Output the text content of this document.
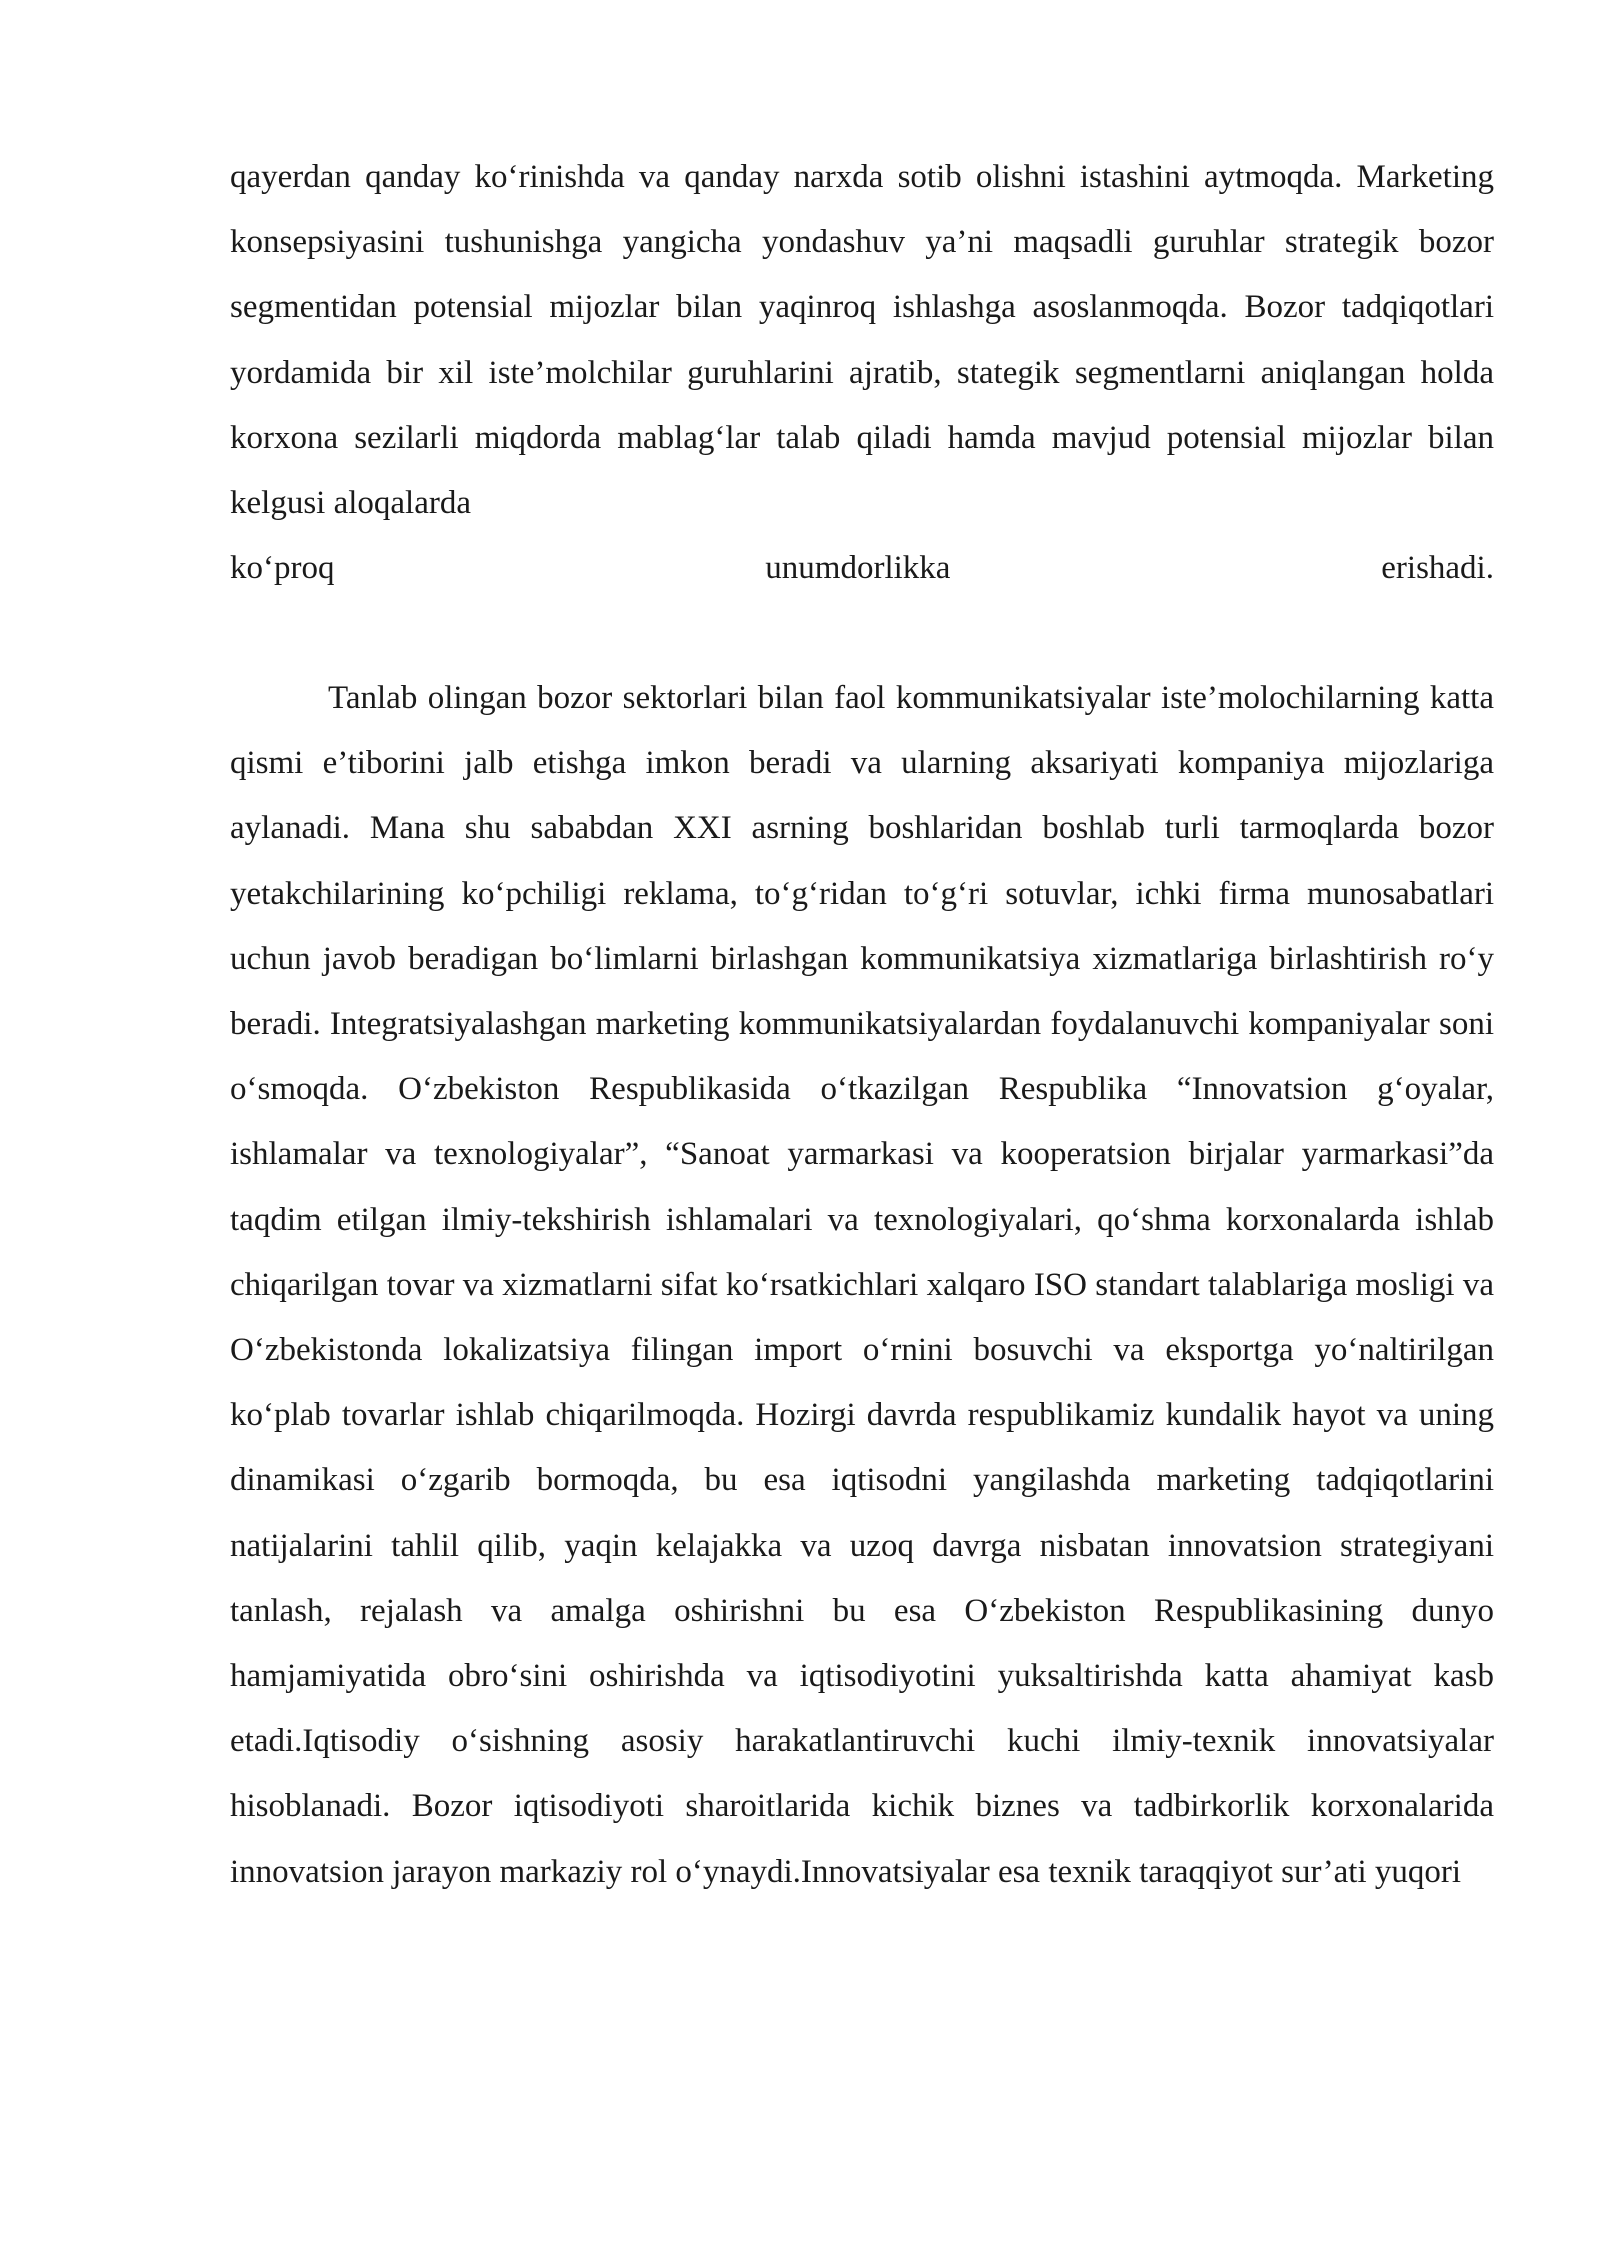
qayerdan qanday ko‘rinishda va qanday narxda sotib olishni istashini aytmoqda. Marketing konsepsiyasini tushunishga yangicha yondashuv ya’ni maqsadli guruhlar strategik bozor segmentidan potensial mijozlar bilan yaqinroq ishlashga asoslanmoqda. Bozor tadqiqotlari yordamida bir xil iste’molchilar guruhlarini ajratib, stategik segmentlarni aniqlangan holda korxona sezilarli miqdorda mablag‘lar talab qiladi hamda mavjud potensial mijozlar bilan kelgusi aloqalarda

ko‘proq	unumdorlikka	erishadi.

Tanlab olingan bozor sektorlari bilan faol kommunikatsiyalar iste’molochilarning katta qismi e’tiborini jalb etishga imkon beradi va ularning aksariyati kompaniya mijozlariga aylanadi. Mana shu sababdan XXI asrning boshlaridan boshlab turli tarmoqlarda bozor yetakchilarining ko‘pchiligi reklama, to‘g‘ridan to‘g‘ri sotuvlar, ichki firma munosabatlari uchun javob beradigan bo‘limlarni birlashgan kommunikatsiya xizmatlariga birlashtirish ro‘y beradi. Integratsiyalashgan marketing kommunikatsiyalardan foydalanuvchi kompaniyalar soni o‘smoqda. O‘zbekiston Respublikasida o‘tkazilgan Respublika “Innovatsion g‘oyalar, ishlamalar va texnologiyalar”, “Sanoat yarmarkasi va kooperatsion birjalar yarmarkasi”da taqdim etilgan ilmiy-tekshirish ishlamalari va texnologiyalari, qo‘shma korxonalarda ishlab chiqarilgan tovar va xizmatlarni sifat ko‘rsatkichlari xalqaro ISO standart talablariga mosligi va O‘zbekistonda lokalizatsiya filingan import o‘rnini bosuvchi va eksportga yo‘naltirilgan ko‘plab tovarlar ishlab chiqarilmoqda. Hozirgi davrda respublikamiz kundalik hayot va uning dinamikasi o‘zgarib bormoqda, bu esa iqtisodni yangilashda marketing tadqiqotlarini natijalarini tahlil qilib, yaqin kelajakka va uzoq davrga nisbatan innovatsion strategiyani tanlash, rejalash va amalga oshirishni bu esa O‘zbekiston Respublikasining dunyo hamjamiyatida obro‘sini oshirishda va iqtisodiyotini yuksaltirishda katta ahamiyat kasb etadi.Iqtisodiy o‘sishning asosiy harakatlantiruvchi kuchi ilmiy-texnik innovatsiyalar hisoblanadi. Bozor iqtisodiyoti sharoitlarida kichik biznes va tadbirkorlik korxonalarida innovatsion jarayon markaziy rol o‘ynaydi.Innovatsiyalar esa texnik taraqqiyot sur’ati yuqori
